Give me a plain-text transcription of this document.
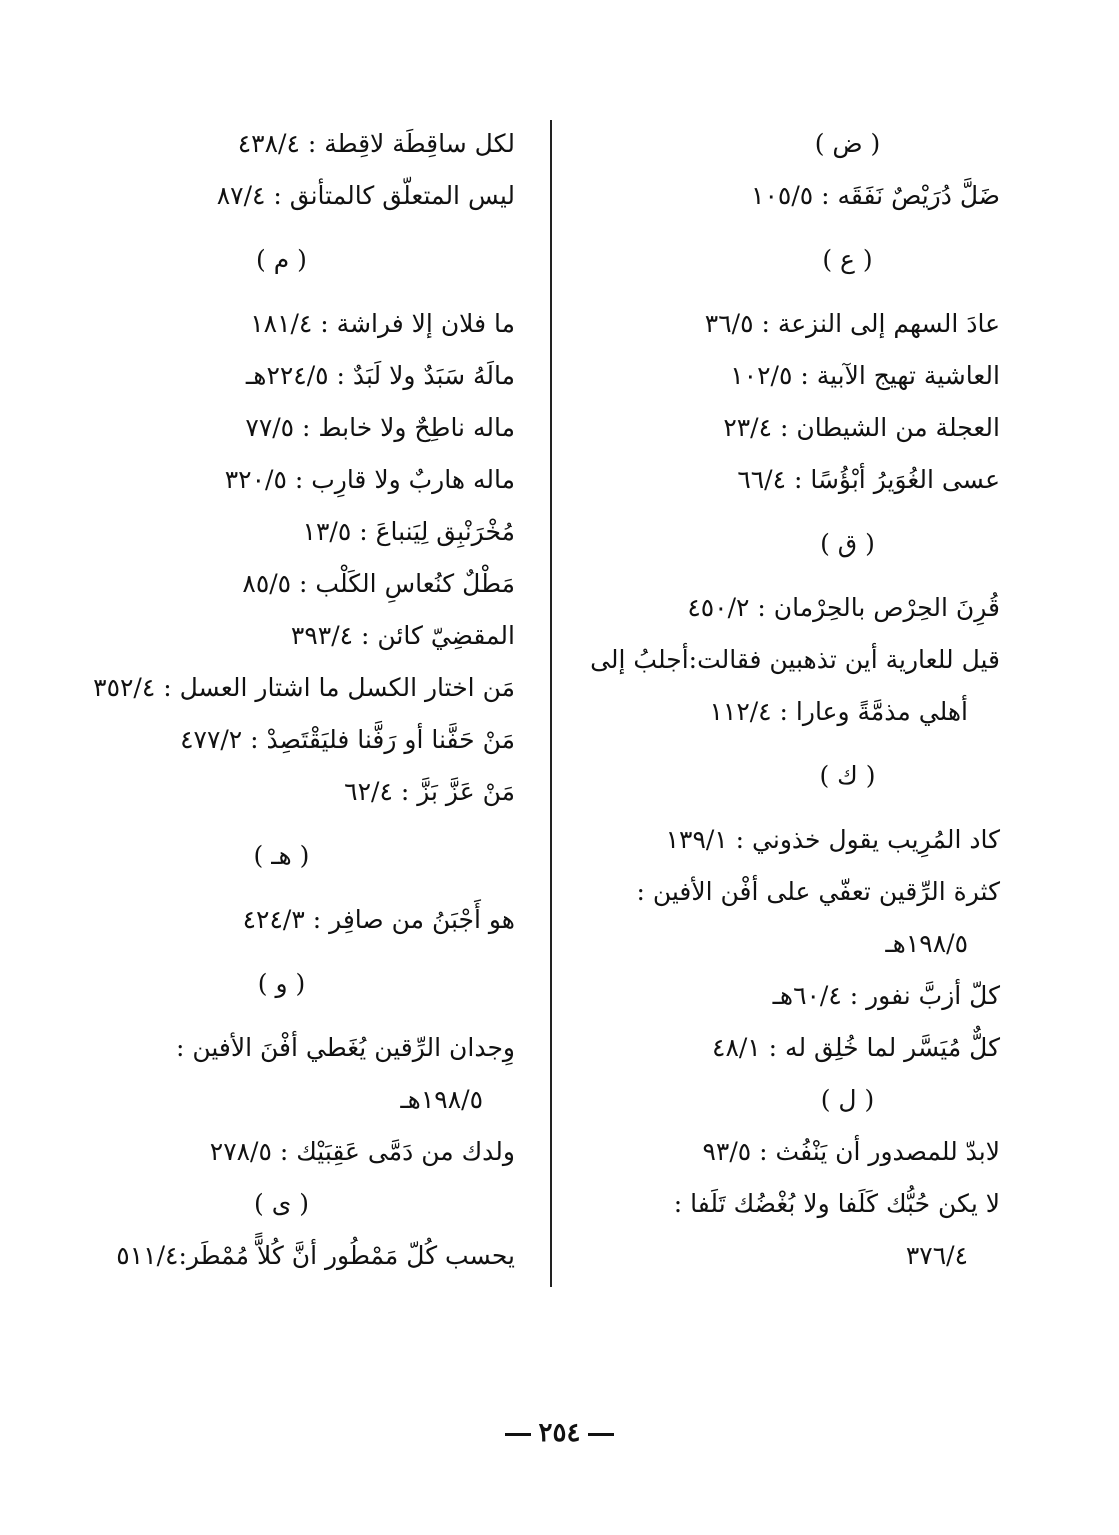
( ض )
ضَلَّ دُرَيْصٌ نَفَقَه : ١٠٥/٥
( ع )
عادَ السهم إلى النزعة : ٣٦/٥
العاشية تهيج الآبية : ١٠٢/٥
العجلة من الشيطان : ٢٣/٤
عسى الغُوَيرُ أبْؤُسًا : ٦٦/٤
( ق )
قُرِنَ الحِرْص بالحِرْمان : ٤٥٠/٢
قيل للعارية أين تذهبين فقالت:أجلبُ إلى
أهلي مذمَّةً وعارا : ١١٢/٤
( ك )
كاد المُرِيب يقول خذوني : ١٣٩/١
كثرة الرِّقين تعفّي على أفْن الأفين :
١٩٨/٥هـ
كلّ أزبَّ نفور : ٦٠/٤هـ
كلٌّ مُيَسَّر لما خُلِق له : ٤٨/١
( ل )
لابدّ للمصدور أن يَنْفُث : ٩٣/٥
لا يكن حُبُّك كَلَفا ولا بُغْضُك تَلَفا :
٣٧٦/٤
لكل ساقِطَة لاقِطة : ٤٣٨/٤
ليس المتعلّق كالمتأنق : ٨٧/٤
( م )
ما فلان إلا فراشة : ١٨١/٤
مالَهُ سَبَدٌ ولا لَبَدٌ : ٢٢٤/٥هـ
ماله ناطِحٌ ولا خابط : ٧٧/٥
ماله هاربٌ ولا قارِب : ٣٢٠/٥
مُخْرَنْبِق لِيَنباعَ : ١٣/٥
مَطْلٌ كنُعاسِ الكَلْب : ٨٥/٥
المقضِيّ كائن : ٣٩٣/٤
مَن اختار الكسل ما اشتار العسل : ٣٥٢/٤
مَنْ حَفَّنا أو رَفَّنا فليَقْتَصِدْ : ٤٧٧/٢
مَنْ عَزَّ بَزَّ : ٦٢/٤
( هـ )
هو أَجْبَنُ من صافِر : ٤٢٤/٣
( و )
وِجدان الرِّقين يُغَطي أفْنَ الأفين :
١٩٨/٥هـ
ولدك من دَمَّى عَقِبَيْك : ٢٧٨/٥
( ى )
يحسب كُلّ مَمْطُور أنَّ كُلاًّ مُمْطَر:٥١١/٤
٢٥٤
